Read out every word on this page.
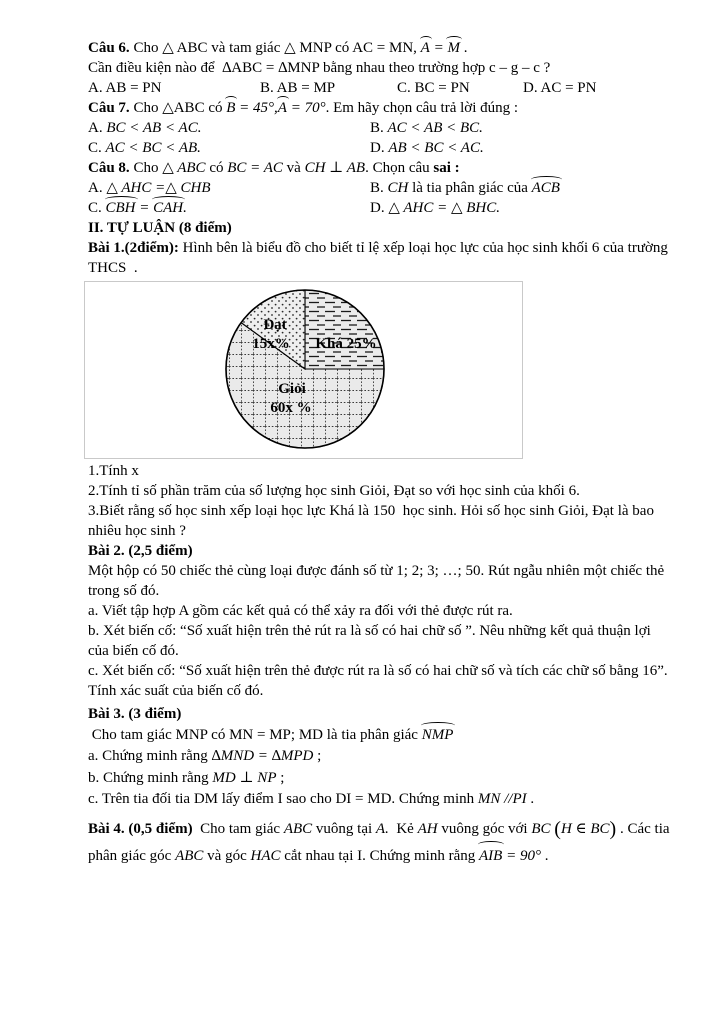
Câu 6. Cho △ ABC và tam giác △ MNP có AC = MN, A = M .
Cần điều kiện nào để  ∆ABC = ∆MNP bằng nhau theo trường hợp c – g – c ?
A. AB = PN	B. AB = MP	C. BC = PN	D. AC = PN
Câu 7. Cho △ABC có B = 45°,A = 70°. Em hãy chọn câu trả lời đúng :
A. BC < AB < AC.	B. AC < AB < BC.
C. AC < BC < AB.	D. AB < BC < AC.
Câu 8. Cho △ ABC có BC = AC và CH ⊥ AB. Chọn câu sai :
A. △ AHC =△ CHB	B. CH là tia phân giác của ACB
C. CBH = CAH.	D. △ AHC = △ BHC.
II. TỰ LUẬN (8 điểm)
Bài 1.(2điểm): Hình bên là biểu đồ cho biết tỉ lệ xếp loại học lực của học sinh khối 6 của trường
THCS  .
Đạt
15x% Khá 25%
Giỏi
60x %
1.Tính x
2.Tính tỉ số phần trăm của số lượng học sinh Giỏi, Đạt so với học sinh của khối 6.
3.Biết rằng số học sinh xếp loại học lực Khá là 150  học sinh. Hỏi số học sinh Giỏi, Đạt là bao
nhiêu học sinh ?
Bài 2. (2,5 điểm)
Một hộp có 50 chiếc thẻ cùng loại được đánh số từ 1; 2; 3; …; 50. Rút ngẫu nhiên một chiếc thẻ
trong số đó.
a. Viết tập hợp A gồm các kết quả có thể xảy ra đối với thẻ được rút ra.
b. Xét biến cố: “Số xuất hiện trên thẻ rút ra là số có hai chữ số ”. Nêu những kết quả thuận lợi
của biến cố đó.
c. Xét biến cố: “Số xuất hiện trên thẻ được rút ra là số có hai chữ số và tích các chữ số bằng 16”.
Tính xác suất của biến cố đó.
Bài 3. (3 điểm)
Cho tam giác MNP có MN = MP; MD là tia phân giác NMP
a. Chứng minh rằng ∆MND = ∆MPD ;
b. Chứng minh rằng MD ⊥ NP ;
c. Trên tia đối tia DM lấy điểm I sao cho DI = MD. Chứng minh MN //PI .
Bài 4. (0,5 điểm)  Cho tam giác ABC vuông tại A.  Kẻ AH vuông góc với BC (H ∈ BC) . Các tia
phân giác góc ABC và góc HAC cắt nhau tại I. Chứng minh rằng AIB = 90° .
